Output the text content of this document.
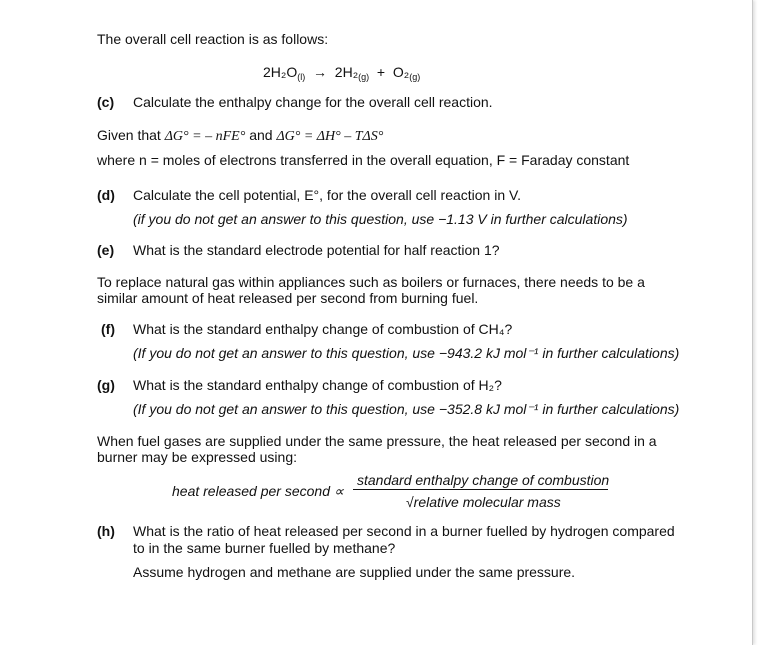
The overall cell reaction is as follows:
$2H_2O_{(l)} \to 2H_2_{(g)} + O_2_{(g)}$
(c) Calculate the enthalpy change for the overall cell reaction.
Given that ΔG° = – nFE° and ΔG° = ΔH° – TΔS°
where n = moles of electrons transferred in the overall equation, F = Faraday constant
(d) Calculate the cell potential, E°, for the overall cell reaction in V.
(if you do not get an answer to this question, use −1.13 V in further calculations)
(e) What is the standard electrode potential for half reaction 1?
To replace natural gas within appliances such as boilers or furnaces, there needs to be a
similar amount of heat released per second from burning fuel.
(f) What is the standard enthalpy change of combustion of CH₄?
(If you do not get an answer to this question, use −943.2 kJ mol⁻¹ in further calculations)
(g) What is the standard enthalpy change of combustion of H₂?
(If you do not get an answer to this question, use −352.8 kJ mol⁻¹ in further calculations)
When fuel gases are supplied under the same pressure, the heat released per second in a
burner may be expressed using:
heat released per second ∝
standard enthalpy change of combustion
√relative molecular mass
(h) What is the ratio of heat released per second in a burner fuelled by hydrogen compared
to in the same burner fuelled by methane?
Assume hydrogen and methane are supplied under the same pressure.
